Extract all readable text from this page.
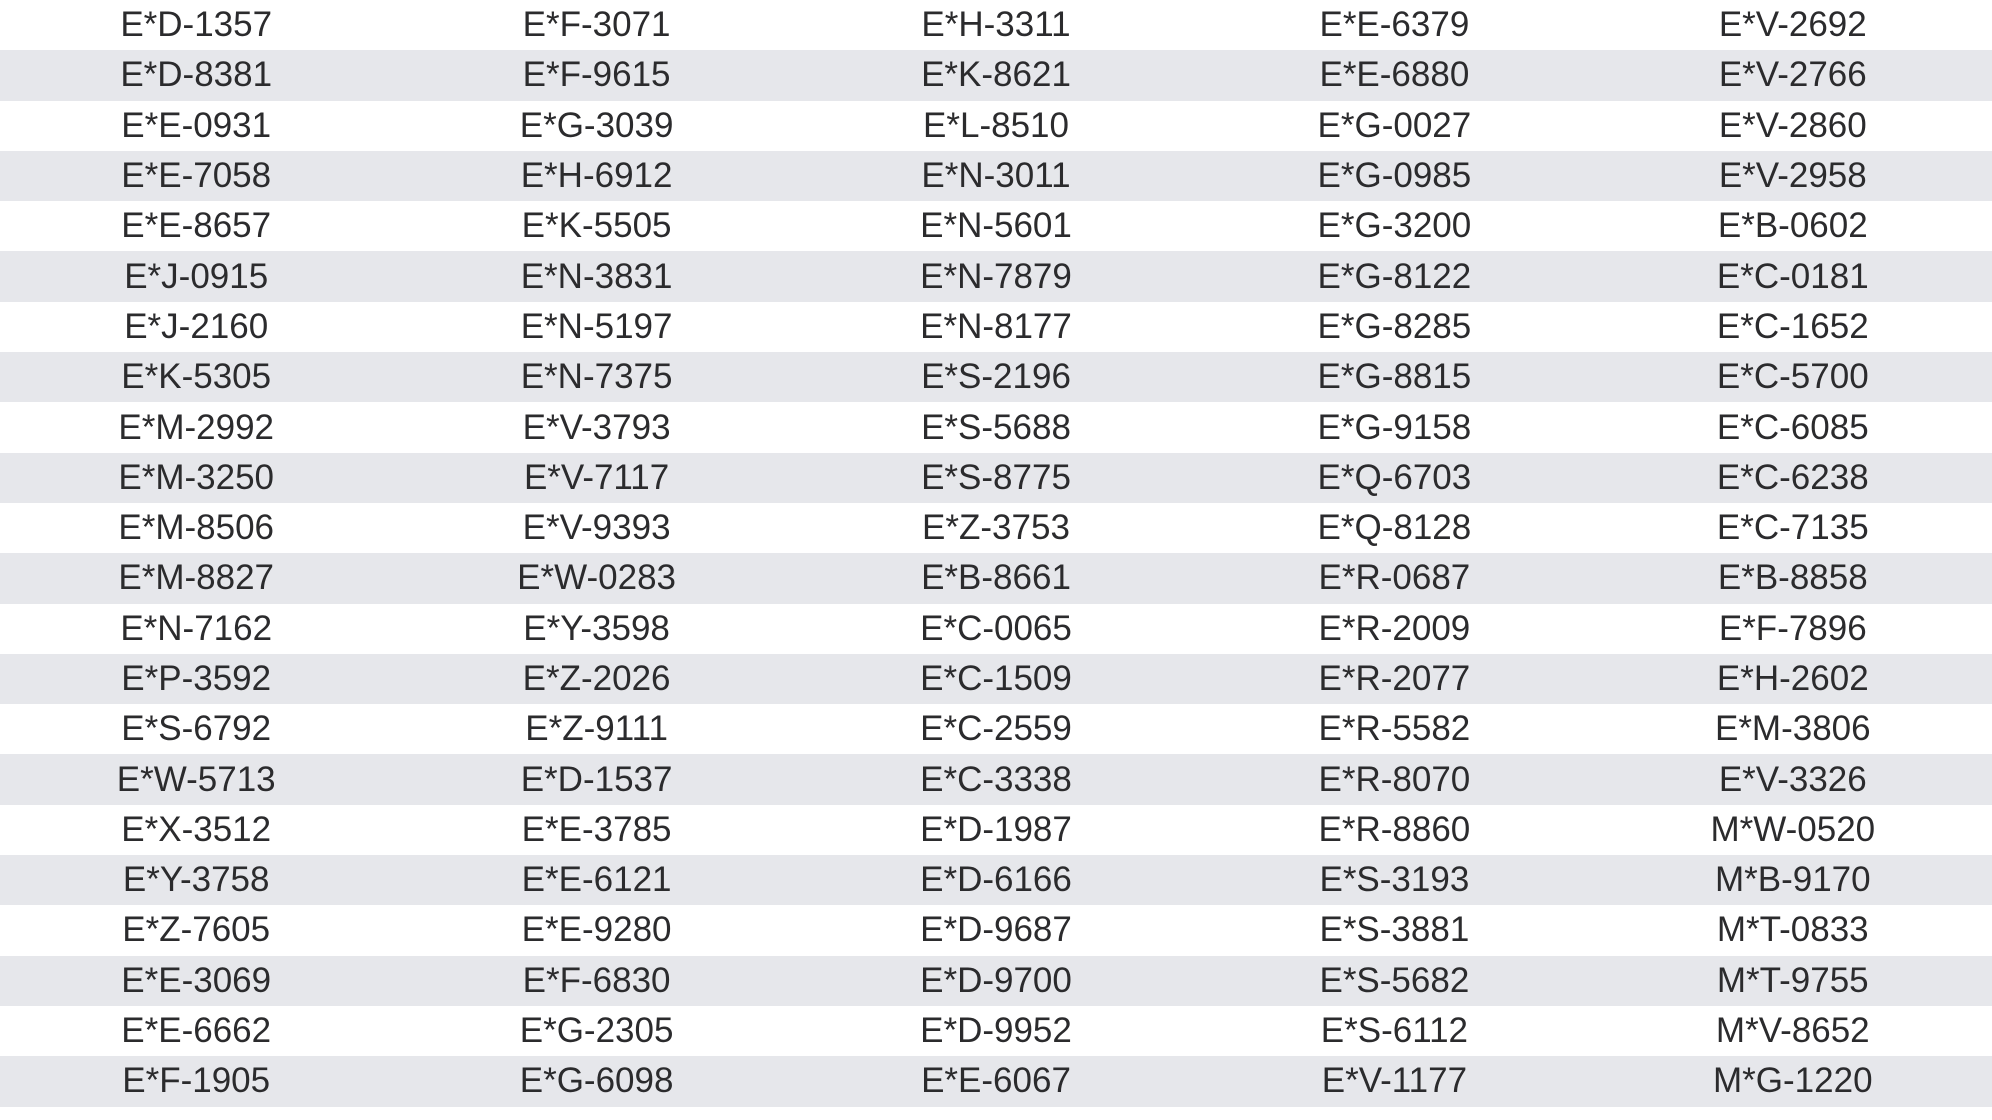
E*D-1357	E*F-3071	E*H-3311	E*E-6379	E*V-2692
E*D-8381	E*F-9615	E*K-8621	E*E-6880	E*V-2766
E*E-0931	E*G-3039	E*L-8510	E*G-0027	E*V-2860
E*E-7058	E*H-6912	E*N-3011	E*G-0985	E*V-2958
E*E-8657	E*K-5505	E*N-5601	E*G-3200	E*B-0602
E*J-0915	E*N-3831	E*N-7879	E*G-8122	E*C-0181
E*J-2160	E*N-5197	E*N-8177	E*G-8285	E*C-1652
E*K-5305	E*N-7375	E*S-2196	E*G-8815	E*C-5700
E*M-2992	E*V-3793	E*S-5688	E*G-9158	E*C-6085
E*M-3250	E*V-7117	E*S-8775	E*Q-6703	E*C-6238
E*M-8506	E*V-9393	E*Z-3753	E*Q-8128	E*C-7135
E*M-8827	E*W-0283	E*B-8661	E*R-0687	E*B-8858
E*N-7162	E*Y-3598	E*C-0065	E*R-2009	E*F-7896
E*P-3592	E*Z-2026	E*C-1509	E*R-2077	E*H-2602
E*S-6792	E*Z-9111	E*C-2559	E*R-5582	E*M-3806
E*W-5713	E*D-1537	E*C-3338	E*R-8070	E*V-3326
E*X-3512	E*E-3785	E*D-1987	E*R-8860	M*W-0520
E*Y-3758	E*E-6121	E*D-6166	E*S-3193	M*B-9170
E*Z-7605	E*E-9280	E*D-9687	E*S-3881	M*T-0833
E*E-3069	E*F-6830	E*D-9700	E*S-5682	M*T-9755
E*E-6662	E*G-2305	E*D-9952	E*S-6112	M*V-8652
E*F-1905	E*G-6098	E*E-6067	E*V-1177	M*G-1220
